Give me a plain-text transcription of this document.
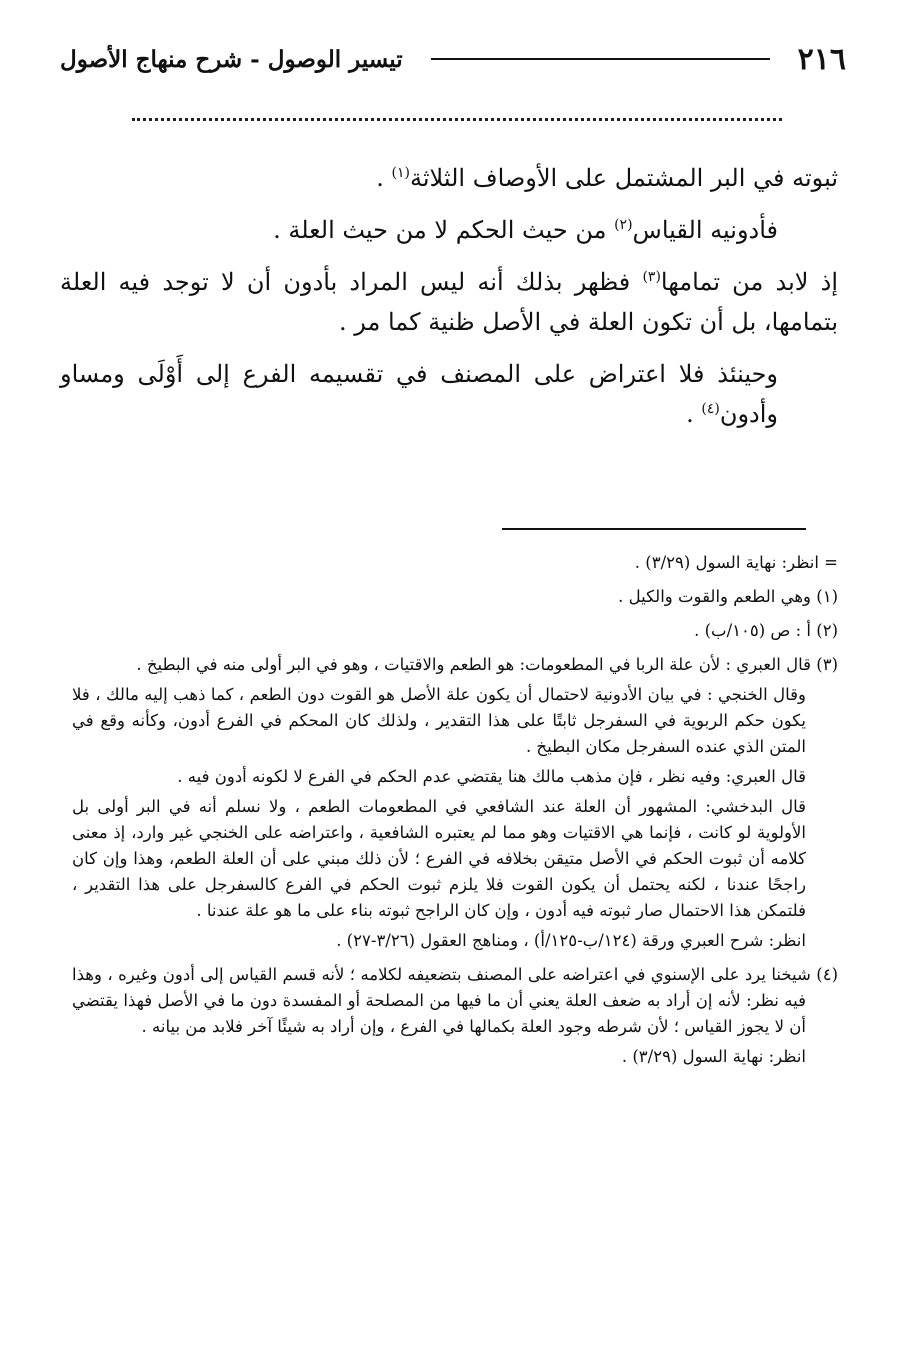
٢١٦
تيسير الوصول - شرح منهاج الأصول

ثبوته في البر المشتمل على الأوصاف الثلاثة$^{(١)}$ .

فأدونيه القياس$^{(٢)}$ من حيث الحكم لا من حيث العلة .

إذ لابد من تمامها$^{(٣)}$ فظهر بذلك أنه ليس المراد بأدون أن لا توجد فيه العلة بتمامها، بل أن تكون العلة في الأصل ظنية كما مر .

وحينئذ فلا اعتراض على المصنف في تقسيمه الفرع إلى أَوْلَى ومساو وأدون$^{(٤)}$ .

= انظر: نهاية السول (٣/٢٩) .

(١) وهي الطعم والقوت والكيل .

(٢) أ : ص (١٠٥/ب) .

(٣) قال العبري : لأن علة الربا في المطعومات: هو الطعم والاقتيات ، وهو في البر أولى منه في البطيخ .

وقال الخنجي : في بيان الأدونية لاحتمال أن يكون علة الأصل هو القوت دون الطعم ، كما ذهب إليه مالك ، فلا يكون حكم الربوية في السفرجل ثابتًا على هذا التقدير ، ولذلك كان المحكم في الفرع أدون، وكأنه وقع في المتن الذي عنده السفرجل مكان البطيخ .

قال العبري: وفيه نظر ، فإن مذهب مالك هنا يقتضي عدم الحكم في الفرع لا لكونه أدون فيه .

قال البدخشي: المشهور أن العلة عند الشافعي في المطعومات الطعم ، ولا نسلم أنه في البر أولى بل الأولوية لو كانت ، فإنما هي الاقتيات وهو مما لم يعتبره الشافعية ، واعتراضه على الخنجي غير وارد، إذ معنى كلامه أن ثبوت الحكم في الأصل متيقن بخلافه في الفرع ؛ لأن ذلك مبني على أن العلة الطعم، وهذا وإن كان راجحًا عندنا ، لكنه يحتمل أن يكون القوت فلا يلزم ثبوت الحكم في الفرع كالسفرجل على هذا التقدير ، فلتمكن هذا الاحتمال صار ثبوته فيه أدون ، وإن كان الراجح ثبوته بناء على ما هو علة عندنا .

انظر: شرح العبري ورقة (١٢٤/ب-١٢٥/أ) ، ومناهج العقول (٣/٢٦-٢٧) .

(٤) شيخنا يرد على الإسنوي في اعتراضه على المصنف بتضعيفه لكلامه ؛ لأنه قسم القياس إلى أدون وغيره ، وهذا فيه نظر: لأنه إن أراد به ضعف العلة يعني أن ما فيها من المصلحة أو المفسدة دون ما في الأصل فهذا يقتضي أن لا يجوز القياس ؛ لأن شرطه وجود العلة بكمالها في الفرع ، وإن أراد به شيئًا آخر فلابد من بيانه .

انظر: نهاية السول (٣/٢٩) .
